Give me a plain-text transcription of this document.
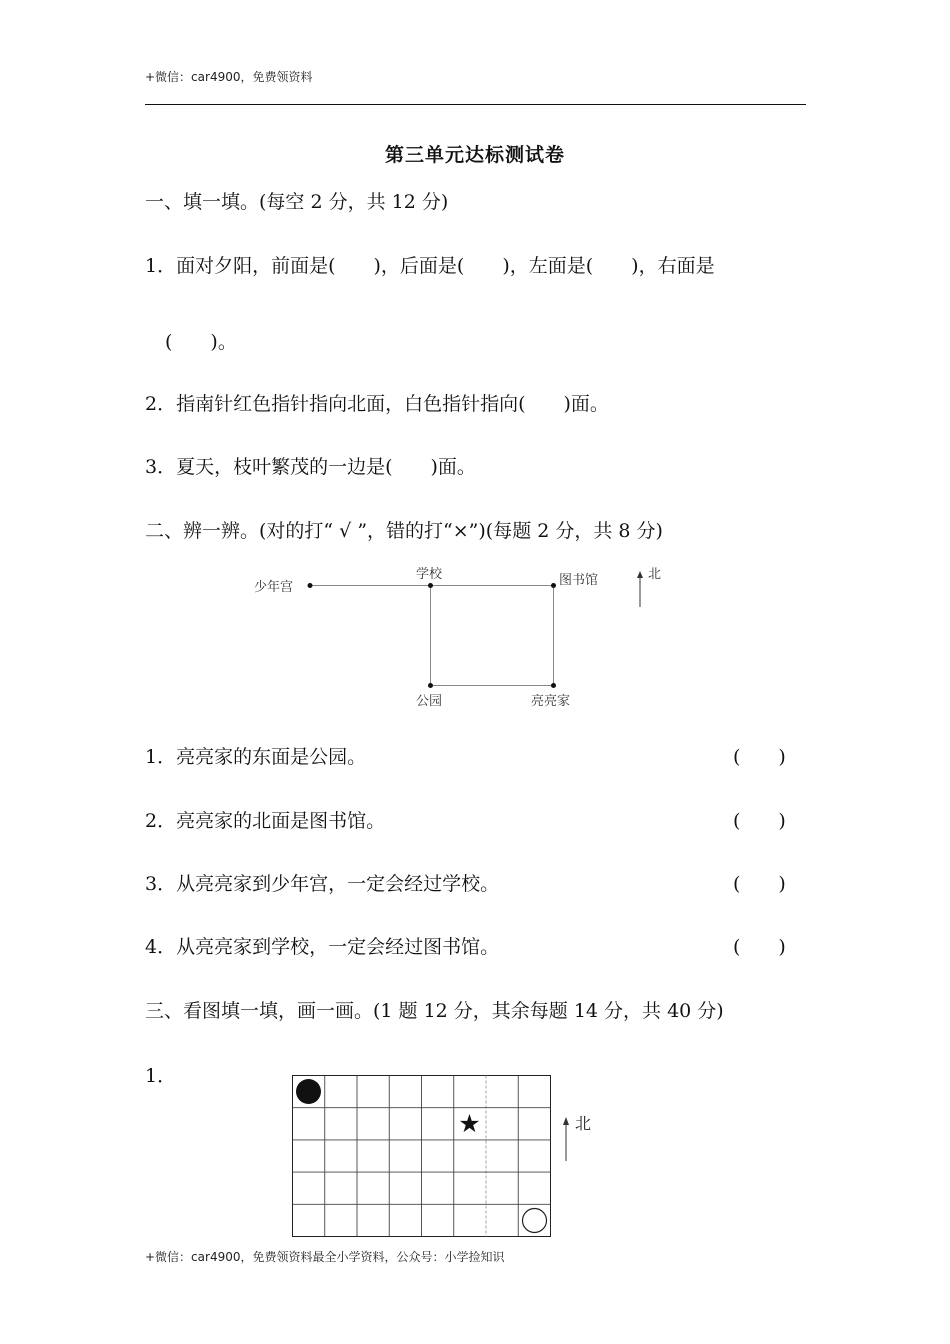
+微信：car4900，免费领资料
第三单元达标测试卷
一、填一填。(每空 2 分，共 12 分)
1．面对夕阳，前面是(　　)，后面是(　　)，左面是(　　)，右面是
(　　)。
2．指南针红色指针指向北面，白色指针指向(　　)面。
3．夏天，枝叶繁茂的一边是(　　)面。
二、辨一辨。(对的打“ √ ”，错的打“×”)(每题 2 分，共 8 分)
少年宫
学校	图书馆
公园	亮亮家
北
1．亮亮家的东面是公园。	(　　)
2．亮亮家的北面是图书馆。	(　　)
3．从亮亮家到少年宫，一定会经过学校。	(　　)
4．从亮亮家到学校，一定会经过图书馆。	(　　)
三、看图填一填，画一画。(1 题 12 分，其余每题 14 分，共 40 分)
1．
★	北
+微信：car4900，免费领资料最全小学资料，公众号：小学捡知识
